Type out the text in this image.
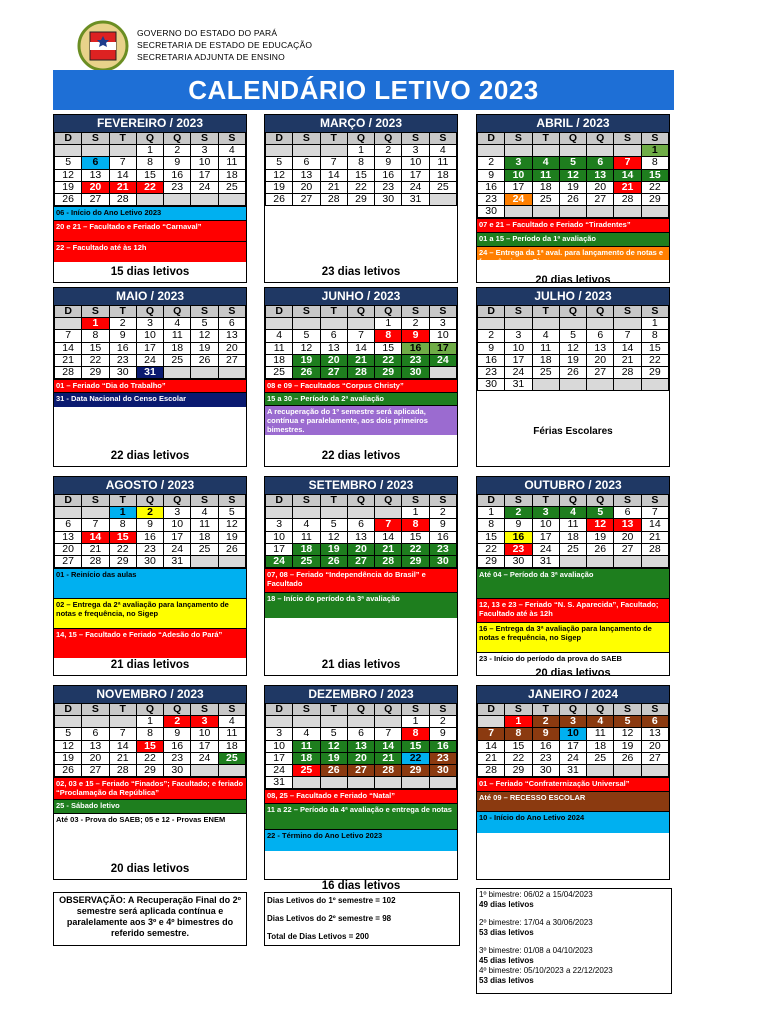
GOVERNO DO ESTADO DO PARÁ
SECRETARIA DE ESTADO DE EDUCAÇÃO
SECRETARIA ADJUNTA DE ENSINO
CALENDÁRIO LETIVO 2023
FEVEREIRO / 2023
D	S	T	Q	Q	S	S
			1	2	3	4
5	6	7	8	9	10	11
12	13	14	15	16	17	18
19	20	21	22	23	24	25
26	27	28				
06 - Início do Ano Letivo 2023
20 e 21 – Facultado e Feriado “Carnaval”
22 – Facultado até às 12h
15 dias letivos
MARÇO / 2023
D	S	T	Q	Q	S	S
			1	2	3	4
5	6	7	8	9	10	11
12	13	14	15	16	17	18
19	20	21	22	23	24	25
26	27	28	29	30	31	
23 dias letivos
ABRIL / 2023
D	S	T	Q	Q	S	S
						1
2	3	4	5	6	7	8
9	10	11	12	13	14	15
16	17	18	19	20	21	22
23	24	25	26	27	28	29
30						
07 e 21 – Facultado e Feriado “Tiradentes”
01 a 15 – Período da 1ª avaliação
24 – Entrega da 1ª aval. para lançamento de notas e frequência, no Sigep
20 dias letivos
MAIO / 2023
D	S	T	Q	Q	S	S
	1	2	3	4	5	6
7	8	9	10	11	12	13
14	15	16	17	18	19	20
21	22	23	24	25	26	27
28	29	30	31			
01 – Feriado “Dia do Trabalho”
31 - Data Nacional do Censo Escolar
22 dias letivos
JUNHO / 2023
D	S	T	Q	Q	S	S
				1	2	3
4	5	6	7	8	9	10
11	12	13	14	15	16	17
18	19	20	21	22	23	24
25	26	27	28	29	30	
08 e 09 – Facultados “Corpus Christy”
15 a 30 – Período da 2ª avaliação
A recuperação do 1º semestre será aplicada, contínua e paralelamente, aos dois primeiros bimestres.
22 dias letivos
JULHO / 2023
D	S	T	Q	Q	S	S
						1
2	3	4	5	6	7	8
9	10	11	12	13	14	15
16	17	18	19	20	21	22
23	24	25	26	27	28	29
30	31					
Férias Escolares
AGOSTO / 2023
D	S	T	Q	Q	S	S
		1	2	3	4	5
6	7	8	9	10	11	12
13	14	15	16	17	18	19
20	21	22	23	24	25	26
27	28	29	30	31		
01 - Reinício das aulas
02 – Entrega da 2ª avaliação para lançamento de notas e frequência, no Sigep
14, 15 – Facultado e Feriado “Adesão do Pará”
21 dias letivos
SETEMBRO / 2023
D	S	T	Q	Q	S	S
					1	2
3	4	5	6	7	8	9
10	11	12	13	14	15	16
17	18	19	20	21	22	23
24	25	26	27	28	29	30
07, 08 – Feriado “Independência do Brasil” e Facultado
18 – Início do período da 3ª avaliação
21 dias letivos
OUTUBRO / 2023
D	S	T	Q	Q	S	S
1	2	3	4	5	6	7
8	9	10	11	12	13	14
15	16	17	18	19	20	21
22	23	24	25	26	27	28
29	30	31				
Até 04 – Período da 3ª avaliação
12, 13 e 23 – Feriado “N. S. Aparecida”, Facultado; Facultado até às 12h
16 – Entrega da 3ª avaliação para lançamento de notas e frequência, no Sigep
23 - Início do período da prova do SAEB
20 dias letivos
NOVEMBRO / 2023
D	S	T	Q	Q	S	S
			1	2	3	4
5	6	7	8	9	10	11
12	13	14	15	16	17	18
19	20	21	22	23	24	25
26	27	28	29	30		
02, 03 e 15 – Feriado “Finados”; Facultado; e feriado “Proclamação da República”
25 - Sábado letivo
Até 03 - Prova do SAEB; 05 e 12 - Provas ENEM
20 dias letivos
DEZEMBRO / 2023
D	S	T	Q	Q	S	S
					1	2
3	4	5	6	7	8	9
10	11	12	13	14	15	16
17	18	19	20	21	22	23
24	25	26	27	28	29	30
31						
08, 25 – Facultado e Feriado “Natal”
11 a 22 – Período da 4ª avaliação e entrega de notas
22 - Término do Ano Letivo 2023
16 dias letivos
JANEIRO / 2024
D	S	T	Q	Q	S	S
	1	2	3	4	5	6
7	8	9	10	11	12	13
14	15	16	17	18	19	20
21	22	23	24	25	26	27
28	29	30	31			
01 – Feriado “Confraternização Universal”
Até 09 – RECESSO ESCOLAR
10 - Início do Ano Letivo 2024
OBSERVAÇÃO: A Recuperação Final do 2º semestre será aplicada contínua e paralelamente aos 3º e 4º bimestres do referido semestre.
Dias Letivos do 1º semestre = 102
Dias Letivos do 2º semestre = 98
Total de Dias Letivos = 200
1º bimestre: 06/02 a 15/04/2023
49 dias letivos
2º bimestre: 17/04 a 30/06/2023
53 dias letivos
3º bimestre: 01/08 a 04/10/2023
45 dias letivos
4º bimestre: 05/10/2023 a 22/12/2023
53 dias letivos
